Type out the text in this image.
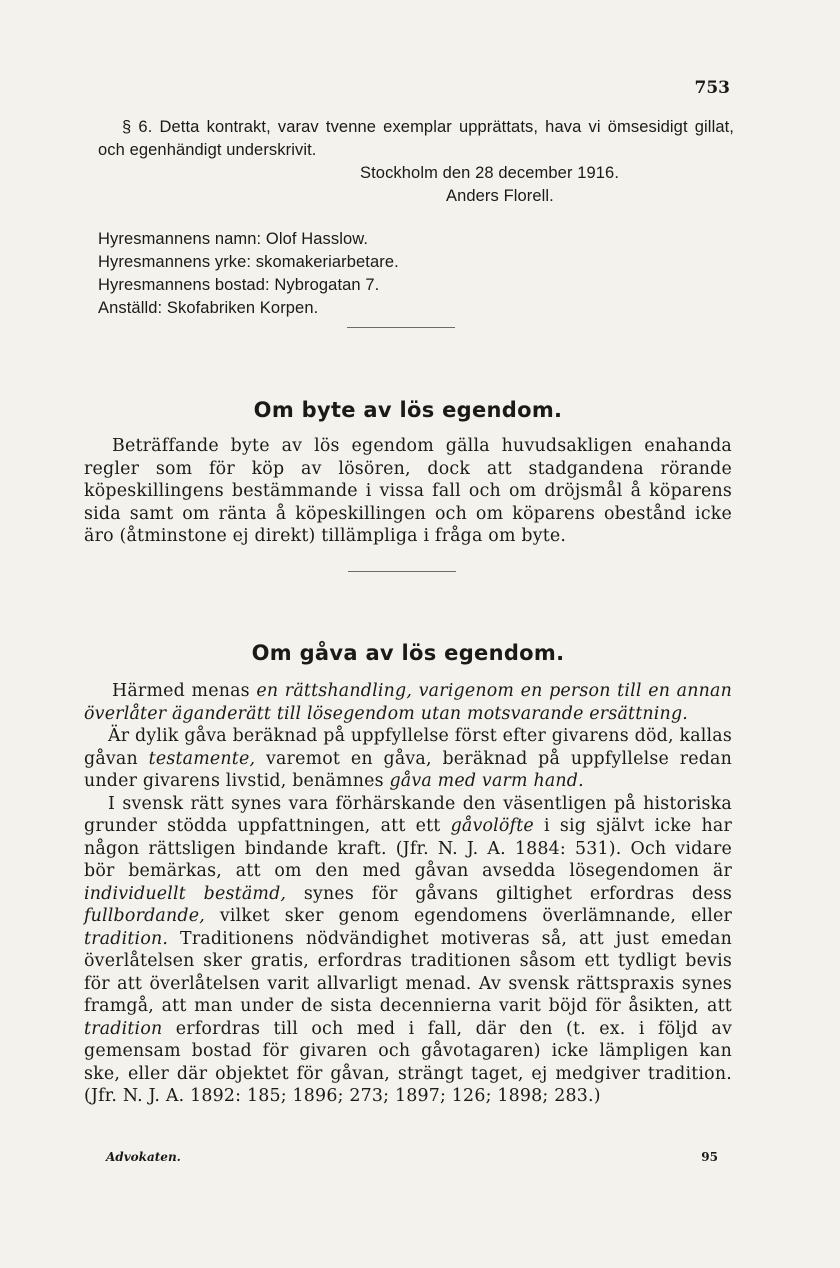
753

§ 6. Detta kontrakt, varav tvenne exemplar upprättats, hava vi ömsesidigt gillat, och egenhändigt underskrivit.

Stockholm den 28 december 1916.

Anders Florell.

Hyresmannens namn : Olof Hasslow.

Hyresmannens yrke : skomakeriarbetare.

Hyresmannens bostad : Nybrogatan 7.

Anställd : Skofabriken Korpen.

Om byte av lös egendom.

Beträffande byte av lös egendom gälla huvudsakligen enahanda regler som för köp av lösören, dock att stadgandena rörande köpeskillingens bestämmande i vissa fall och om dröjsmål å köparens sida samt om ränta å köpeskillingen och om köparens obestånd icke äro (åtminstone ej direkt) tillämpliga i fråga om byte.

Om gåva av lös egendom.

Härmed menas en rättshandling, varigenom en person till en annan överlåter äganderätt till lösegendom utan motsvarande ersättning.

Är dylik gåva beräknad på uppfyllelse först efter givarens död, kallas gåvan testamente, varemot en gåva, beräknad på uppfyllelse redan under givarens livstid, benämnes gåva med varm hand.

I svensk rätt synes vara förhärskande den väsentligen på historiska grunder stödda uppfattningen, att ett gåvolöfte i sig självt icke har någon rättsligen bindande kraft. (Jfr. N. J. A. 1884: 531). Och vidare bör bemärkas, att om den med gåvan avsedda lösegendomen är individuellt bestämd, synes för gåvans giltighet erfordras dess fullbordande, vilket sker genom egendomens överlämnande, eller tradition. Traditionens nödvändighet motiveras så, att just emedan överlåtelsen sker gratis, erfordras traditionen såsom ett tydligt bevis för att överlåtelsen varit allvarligt menad. Av svensk rättspraxis synes framgå, att man under de sista decennierna varit böjd för åsikten, att tradition erfordras till och med i fall, där den (t. ex. i följd av gemensam bostad för givaren och gåvotagaren) icke lämpligen kan ske, eller där objektet för gåvan, strängt taget, ej medgiver tradition. (Jfr. N. J. A. 1892: 185; 1896; 273; 1897; 126; 1898; 283.)

Advokaten.	95
